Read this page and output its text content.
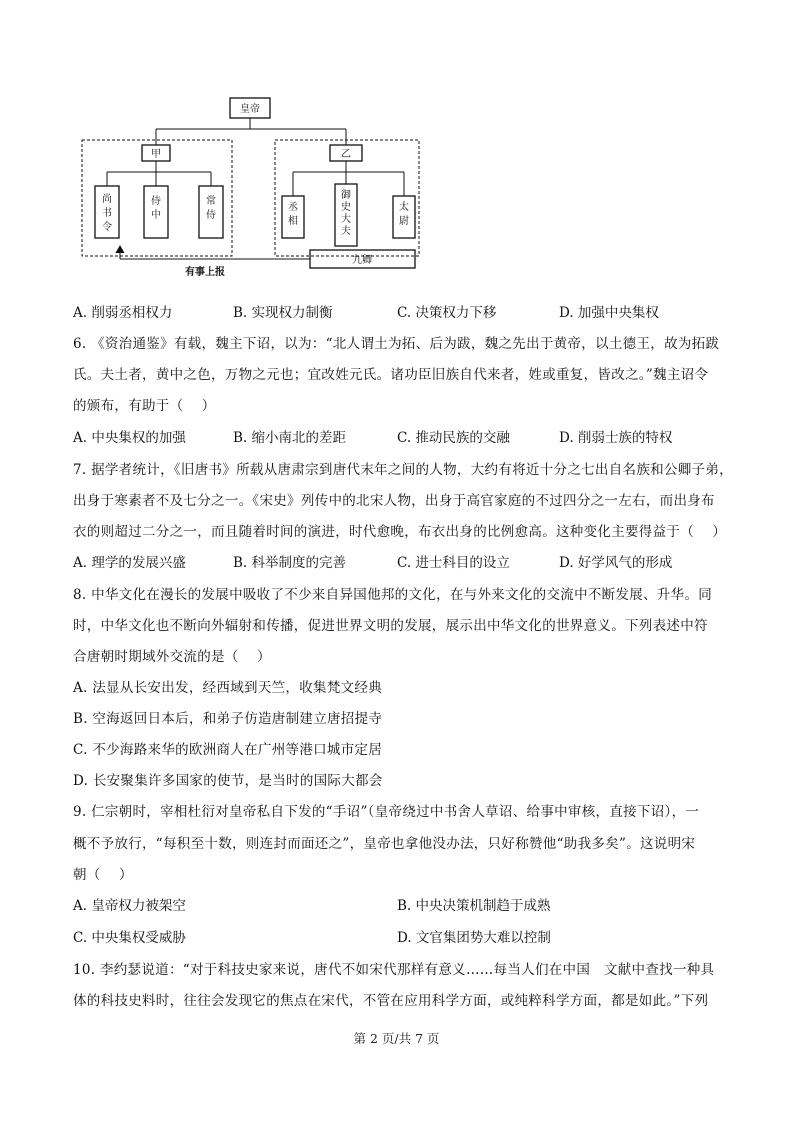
皇帝
甲	乙
尚书令
侍中
常侍
丞相
御史大夫
太尉
九卿
有事上报
A. 削弱丞相权力	B. 实现权力制衡	C. 决策权力下移	D. 加强中央集权
6. 《资治通鉴》有载，魏主下诏，以为：“北人谓土为拓、后为跋，魏之先出于黄帝，以土德王，故为拓跋
氏。夫土者，黄中之色，万物之元也；宜改姓元氏。诸功臣旧族自代来者，姓或重复，皆改之。”魏主诏令
的颁布，有助于（　 ）
A. 中央集权的加强	B. 缩小南北的差距	C. 推动民族的交融	D. 削弱士族的特权
7. 据学者统计，《旧唐书》所载从唐肃宗到唐代末年之间的人物，大约有将近十分之七出自名族和公卿子弟，
出身于寒素者不及七分之一。《宋史》列传中的北宋人物，出身于高官家庭的不过四分之一左右，而出身布
衣的则超过二分之一，而且随着时间的演进，时代愈晚，布衣出身的比例愈高。这种变化主要得益于（　 ）
A. 理学的发展兴盛	B. 科举制度的完善	C. 进士科目的设立	D. 好学风气的形成
8. 中华文化在漫长的发展中吸收了不少来自异国他邦的文化，在与外来文化的交流中不断发展、升华。同
时，中华文化也不断向外辐射和传播，促进世界文明的发展，展示出中华文化的世界意义。下列表述中符
合唐朝时期域外交流的是（　 ）
A. 法显从长安出发，经西域到天竺，收集梵文经典
B. 空海返回日本后，和弟子仿造唐制建立唐招提寺
C. 不少海路来华的欧洲商人在广州等港口城市定居
D. 长安聚集许多国家的使节，是当时的国际大都会
9. 仁宗朝时，宰相杜衍对皇帝私自下发的“手诏”（皇帝绕过中书舍人草诏、给事中审核，直接下诏），一
概不予放行，“每积至十数，则连封而面还之”，皇帝也拿他没办法，只好称赞他“助我多矣”。这说明宋
朝（　 ）
A. 皇帝权力被架空	B. 中央决策机制趋于成熟
C. 中央集权受威胁	D. 文官集团势大难以控制
10. 李约瑟说道：“对于科技史家来说，唐代不如宋代那样有意义……每当人们在中国　文献中查找一种具
体的科技史料时，往往会发现它的焦点在宋代，不管在应用科学方面，或纯粹科学方面，都是如此。”下列
第 2 页/共 7 页
